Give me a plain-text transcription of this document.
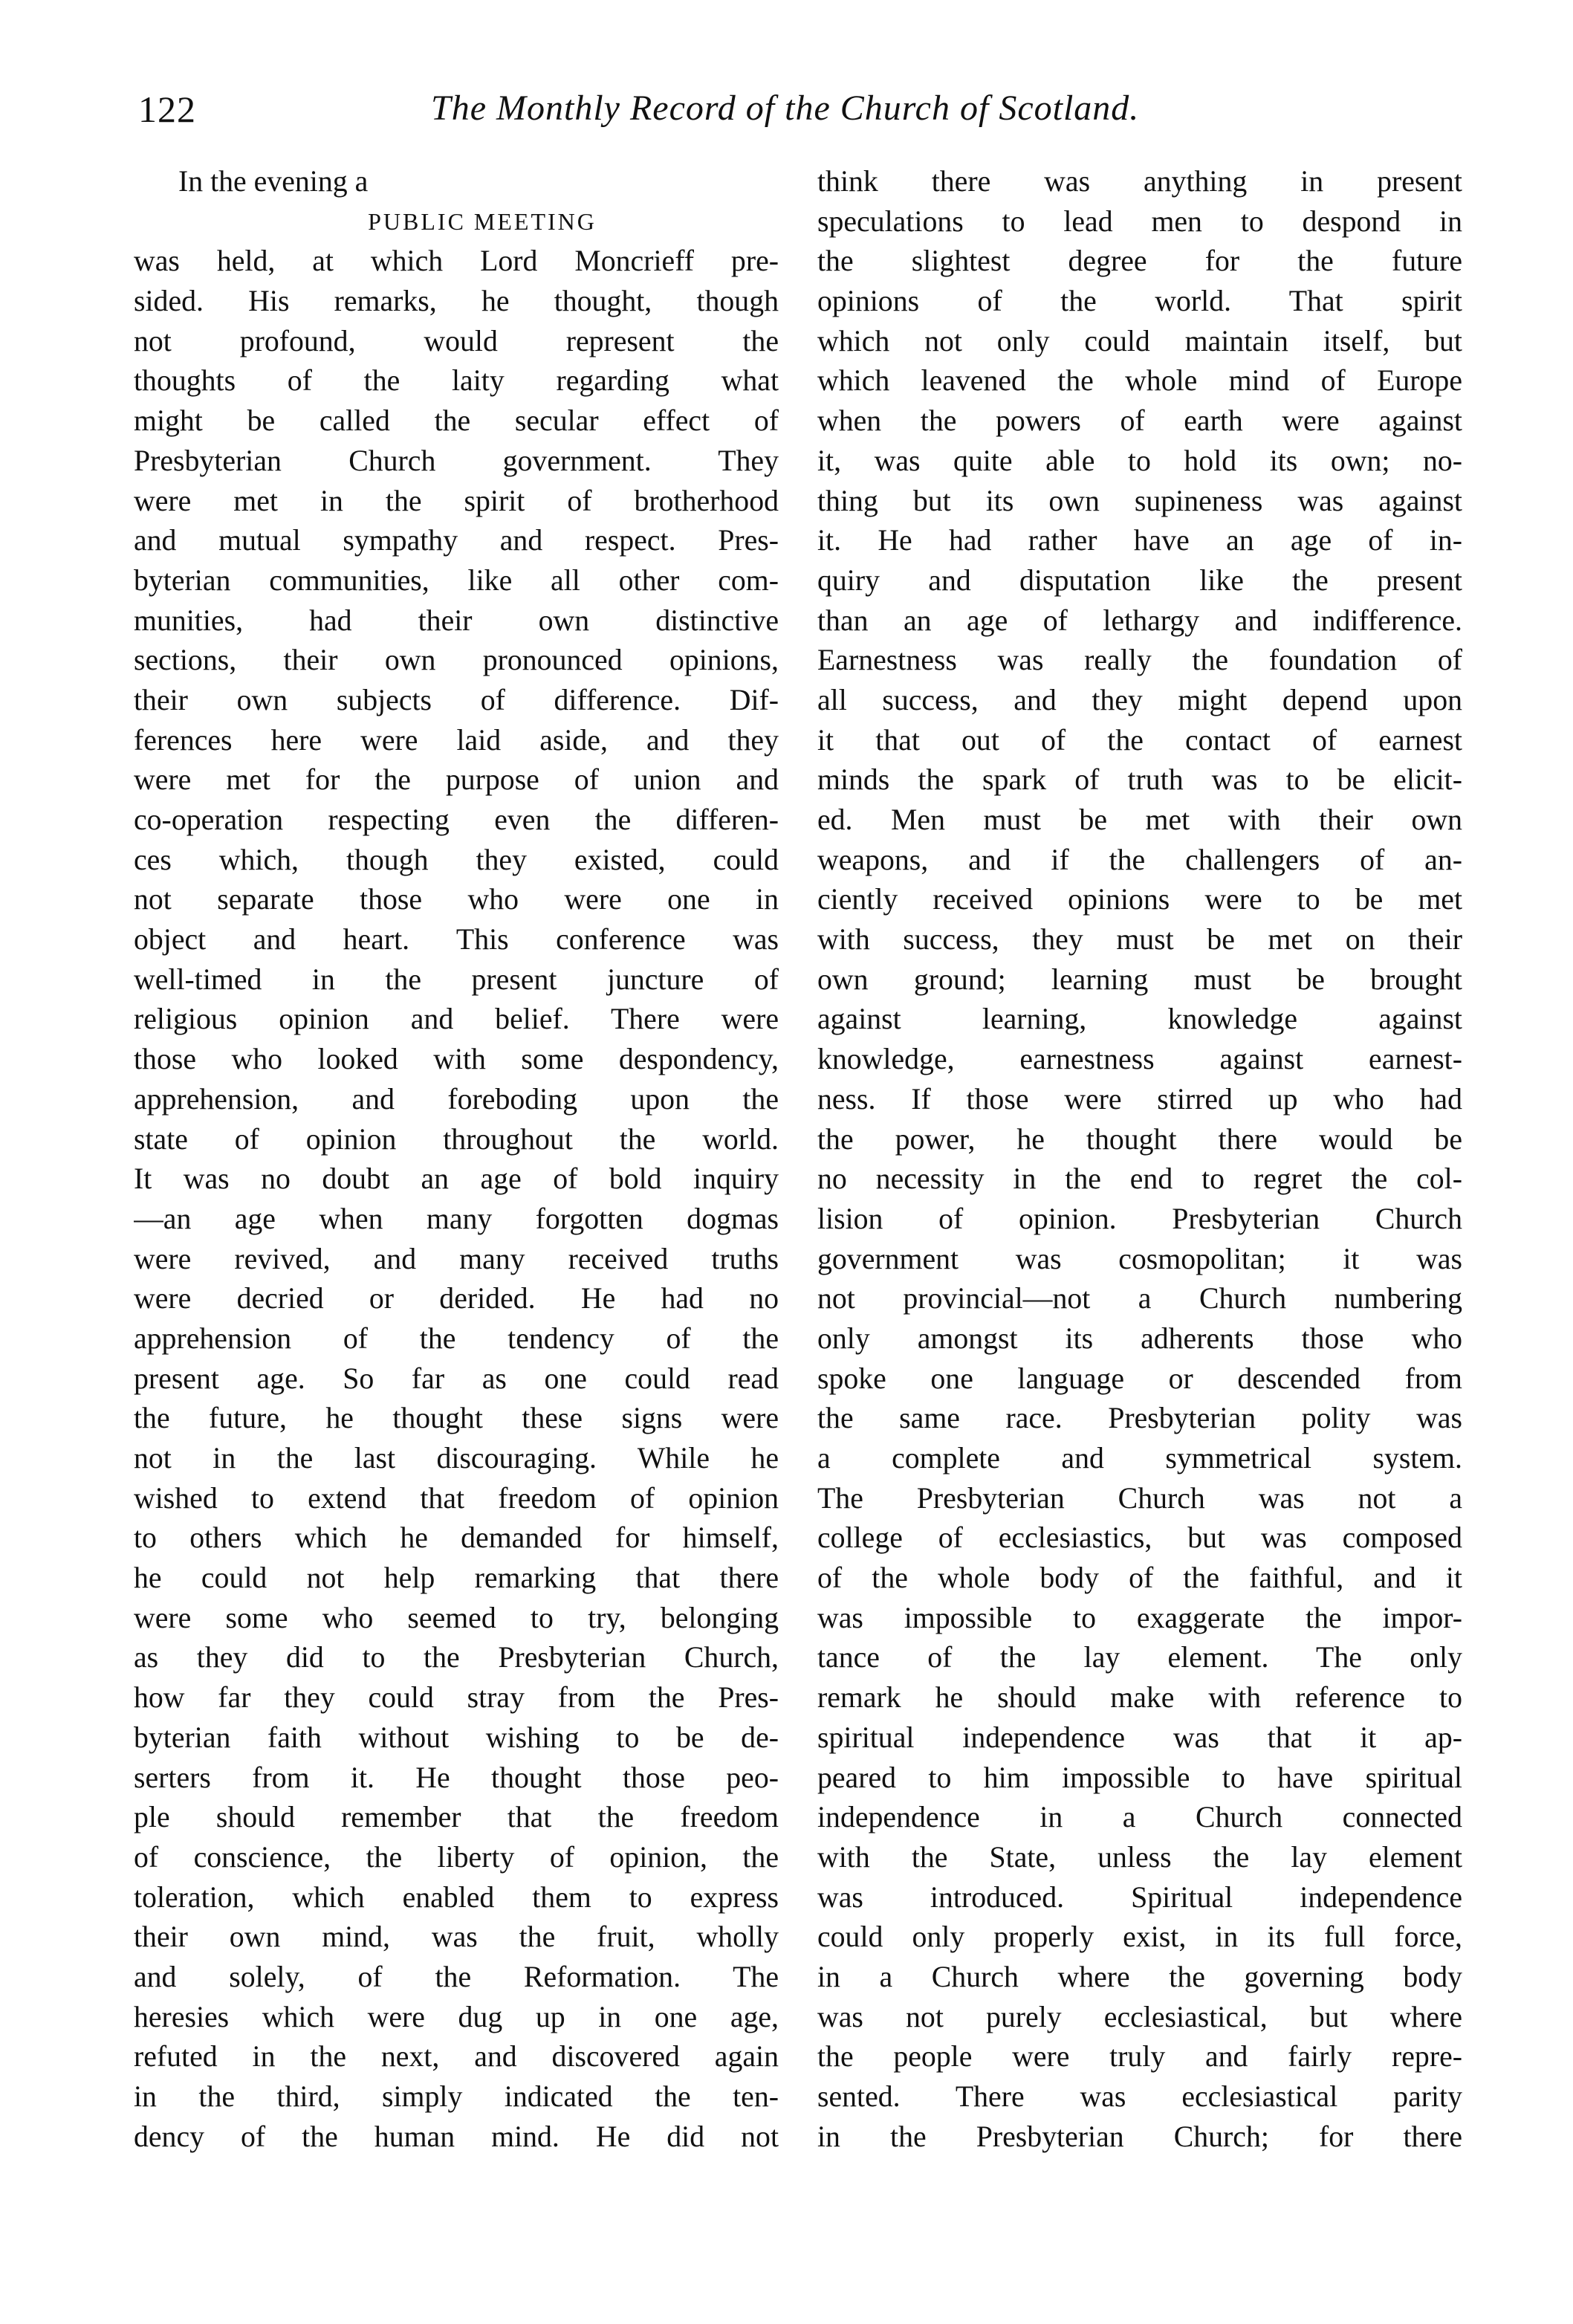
122	The Monthly Record of the Church of Scotland.
In the evening a
PUBLIC MEETING
was held, at which Lord Moncrieff pre-
sided. His remarks, he thought, though
not profound, would represent the
thoughts of the laity regarding what
might be called the secular effect of
Presbyterian Church government. They
were met in the spirit of brotherhood
and mutual sympathy and respect. Pres-
byterian communities, like all other com-
munities, had their own distinctive
sections, their own pronounced opinions,
their own subjects of difference. Dif-
ferences here were laid aside, and they
were met for the purpose of union and
co-operation respecting even the differen-
ces which, though they existed, could
not separate those who were one in
object and heart. This conference was
well-timed in the present juncture of
religious opinion and belief. There were
those who looked with some despondency,
apprehension, and foreboding upon the
state of opinion throughout the world.
It was no doubt an age of bold inquiry
—an age when many forgotten dogmas
were revived, and many received truths
were decried or derided. He had no
apprehension of the tendency of the
present age. So far as one could read
the future, he thought these signs were
not in the last discouraging. While he
wished to extend that freedom of opinion
to others which he demanded for himself,
he could not help remarking that there
were some who seemed to try, belonging
as they did to the Presbyterian Church,
how far they could stray from the Pres-
byterian faith without wishing to be de-
serters from it. He thought those peo-
ple should remember that the freedom
of conscience, the liberty of opinion, the
toleration, which enabled them to express
their own mind, was the fruit, wholly
and solely, of the Reformation. The
heresies which were dug up in one age,
refuted in the next, and discovered again
in the third, simply indicated the ten-
dency of the human mind. He did not
think there was anything in present
speculations to lead men to despond in
the slightest degree for the future
opinions of the world. That spirit
which not only could maintain itself, but
which leavened the whole mind of Europe
when the powers of earth were against
it, was quite able to hold its own; no-
thing but its own supineness was against
it. He had rather have an age of in-
quiry and disputation like the present
than an age of lethargy and indifference.
Earnestness was really the foundation of
all success, and they might depend upon
it that out of the contact of earnest
minds the spark of truth was to be elicit-
ed. Men must be met with their own
weapons, and if the challengers of an-
ciently received opinions were to be met
with success, they must be met on their
own ground; learning must be brought
against learning, knowledge against
knowledge, earnestness against earnest-
ness. If those were stirred up who had
the power, he thought there would be
no necessity in the end to regret the col-
lision of opinion. Presbyterian Church
government was cosmopolitan; it was
not provincial—not a Church numbering
only amongst its adherents those who
spoke one language or descended from
the same race. Presbyterian polity was
a complete and symmetrical system.
The Presbyterian Church was not a
college of ecclesiastics, but was composed
of the whole body of the faithful, and it
was impossible to exaggerate the impor-
tance of the lay element. The only
remark he should make with reference to
spiritual independence was that it ap-
peared to him impossible to have spiritual
independence in a Church connected
with the State, unless the lay element
was introduced. Spiritual independence
could only properly exist, in its full force,
in a Church where the governing body
was not purely ecclesiastical, but where
the people were truly and fairly repre-
sented. There was ecclesiastical parity
in the Presbyterian Church; for there
